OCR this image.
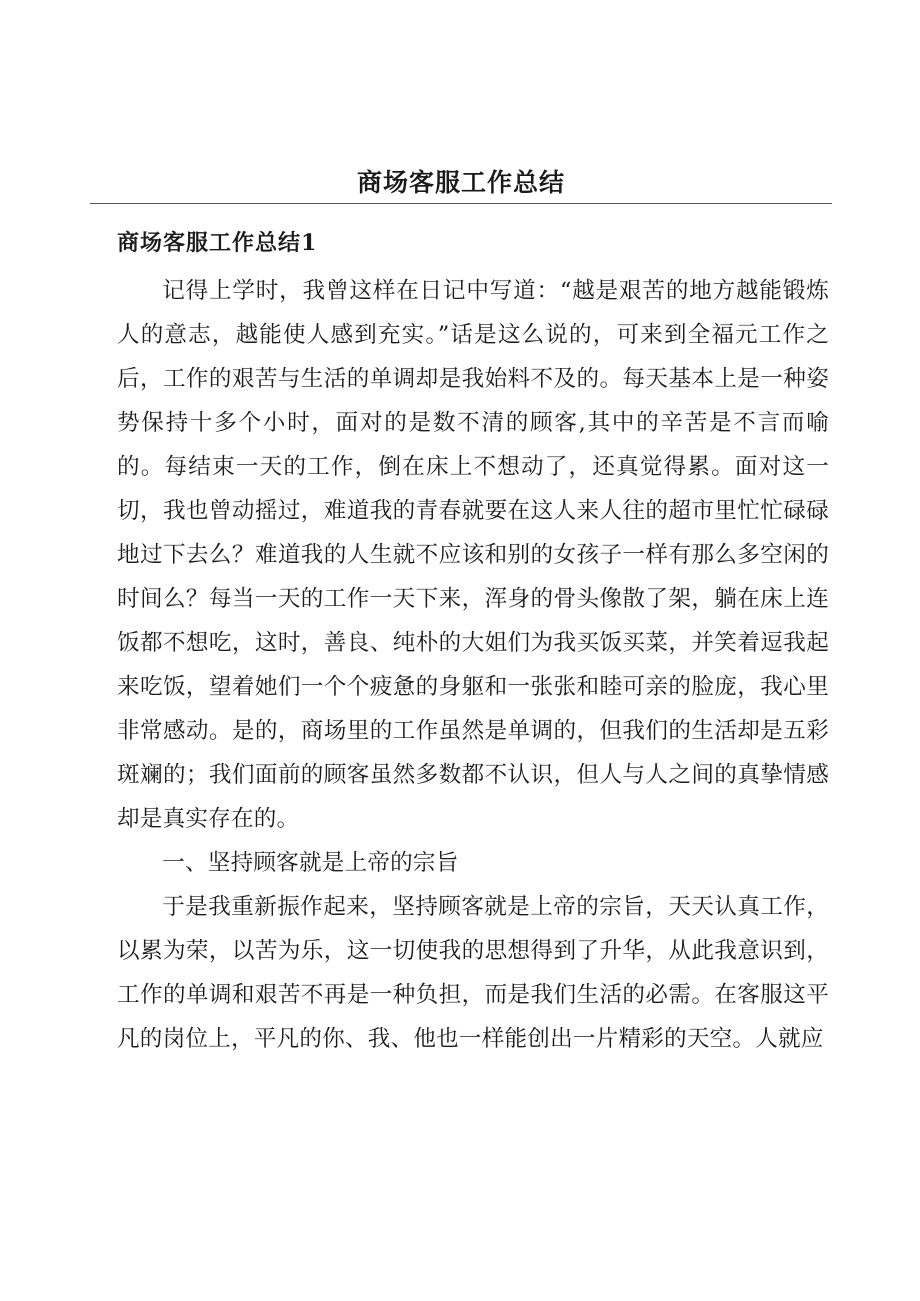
商场客服工作总结
商场客服工作总结1

记得上学时，我曾这样在日记中写道：“越是艰苦的地方越能锻炼人的意志，越能使人感到充实。”话是这么说的，可来到全福元工作之后，工作的艰苦与生活的单调却是我始料不及的。每天基本上是一种姿势保持十多个小时，面对的是数不清的顾客,其中的辛苦是不言而喻的。每结束一天的工作，倒在床上不想动了，还真觉得累。面对这一切，我也曾动摇过，难道我的青春就要在这人来人往的超市里忙忙碌碌地过下去么？难道我的人生就不应该和别的女孩子一样有那么多空闲的时间么？每当一天的工作一天下来，浑身的骨头像散了架，躺在床上连饭都不想吃，这时，善良、纯朴的大姐们为我买饭买菜，并笑着逗我起来吃饭，望着她们一个个疲惫的身躯和一张张和睦可亲的脸庞，我心里非常感动。是的，商场里的工作虽然是单调的，但我们的生活却是五彩斑斓的；我们面前的顾客虽然多数都不认识，但人与人之间的真挚情感却是真实存在的。

一、坚持顾客就是上帝的宗旨

于是我重新振作起来，坚持顾客就是上帝的宗旨，天天认真工作，以累为荣，以苦为乐，这一切使我的思想得到了升华，从此我意识到，工作的单调和艰苦不再是一种负担，而是我们生活的必需。在客服这平凡的岗位上，平凡的你、我、他也一样能创出一片精彩的天空。人就应
